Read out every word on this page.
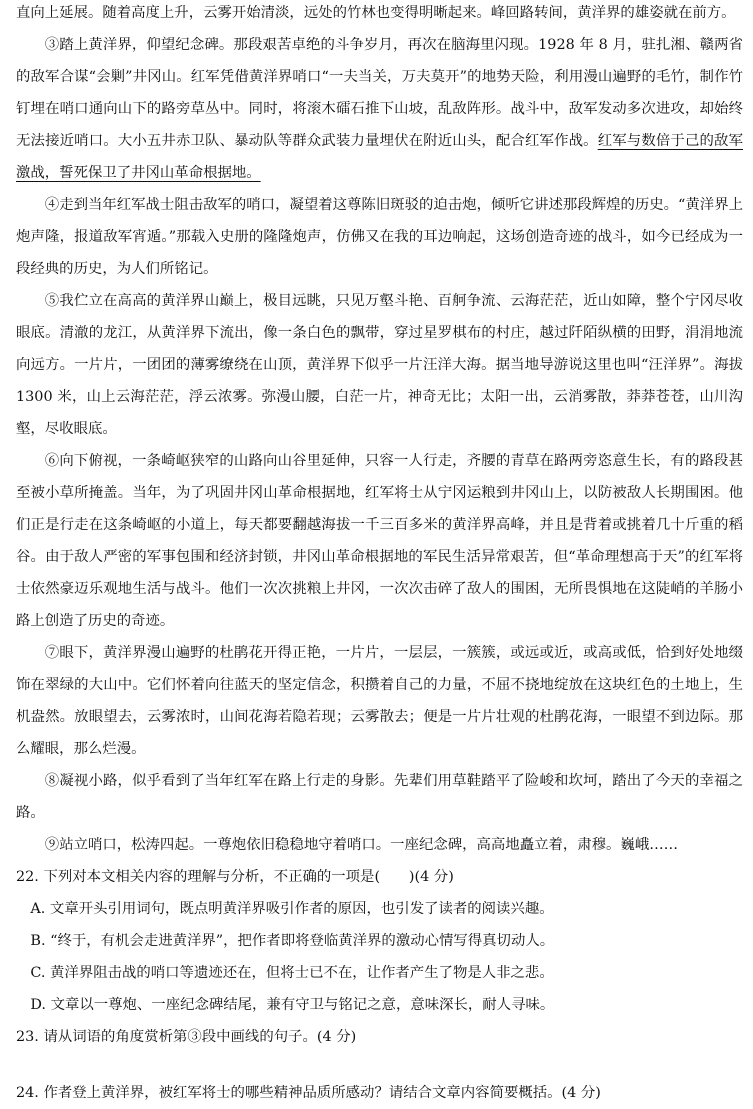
直向上延展。随着高度上升，云雾开始清淡，远处的竹林也变得明晰起来。峰回路转间，黄洋界的雄姿就在前方。

③踏上黄洋界，仰望纪念碑。那段艰苦卓绝的斗争岁月，再次在脑海里闪现。1928 年 8 月，驻扎湘、赣两省的敌军合谋“会剿”井冈山。红军凭借黄洋界哨口“一夫当关，万夫莫开”的地势天险，利用漫山遍野的毛竹，制作竹钉埋在哨口通向山下的路旁草丛中。同时，将滚木礌石推下山坡，乱敌阵形。战斗中，敌军发动多次进攻，却始终无法接近哨口。大小五井赤卫队、暴动队等群众武装力量埋伏在附近山头，配合红军作战。红军与数倍于己的敌军激战，誓死保卫了井冈山革命根据地。

④走到当年红军战士阻击敌军的哨口，凝望着这尊陈旧斑驳的迫击炮，倾听它讲述那段辉煌的历史。“黄洋界上炮声隆，报道敌军宵遁。”那载入史册的隆隆炮声，仿佛又在我的耳边响起，这场创造奇迹的战斗，如今已经成为一段经典的历史，为人们所铭记。

⑤我伫立在高高的黄洋界山巅上，极目远眺，只见万壑斗艳、百舸争流、云海茫茫，近山如障，整个宁冈尽收眼底。清澈的龙江，从黄洋界下流出，像一条白色的飘带，穿过星罗棋布的村庄，越过阡陌纵横的田野，涓涓地流向远方。一片片，一团团的薄雾缭绕在山顶，黄洋界下似乎一片汪洋大海。据当地导游说这里也叫“汪洋界”。海拔 1300 米，山上云海茫茫，浮云浓雾。弥漫山腰，白茫一片，神奇无比；太阳一出，云消雾散，莽莽苍苍，山川沟壑，尽收眼底。

⑥向下俯视，一条崎岖狭窄的山路向山谷里延伸，只容一人行走，齐腰的青草在路两旁恣意生长，有的路段甚至被小草所掩盖。当年，为了巩固井冈山革命根据地，红军将士从宁冈运粮到井冈山上，以防被敌人长期围困。他们正是行走在这条崎岖的小道上，每天都要翻越海拔一千三百多米的黄洋界高峰，并且是背着或挑着几十斤重的稻谷。由于敌人严密的军事包围和经济封锁，井冈山革命根据地的军民生活异常艰苦，但“革命理想高于天”的红军将士依然豪迈乐观地生活与战斗。他们一次次挑粮上井冈，一次次击碎了敌人的围困，无所畏惧地在这陡峭的羊肠小路上创造了历史的奇迹。

⑦眼下，黄洋界漫山遍野的杜鹃花开得正艳，一片片，一层层，一簇簇，或远或近，或高或低，恰到好处地缀饰在翠绿的大山中。它们怀着向往蓝天的坚定信念，积攒着自己的力量，不屈不挠地绽放在这块红色的土地上，生机盎然。放眼望去，云雾浓时，山间花海若隐若现；云雾散去；便是一片片壮观的杜鹃花海，一眼望不到边际。那么耀眼，那么烂漫。

⑧凝视小路，似乎看到了当年红军在路上行走的身影。先辈们用草鞋踏平了险峻和坎坷，踏出了今天的幸福之路。

⑨站立哨口，松涛四起。一尊炮依旧稳稳地守着哨口。一座纪念碑，高高地矗立着，肃穆。巍峨……

22. 下列对本文相关内容的理解与分析，不正确的一项是(　　)(4 分)

A. 文章开头引用词句，既点明黄洋界吸引作者的原因，也引发了读者的阅读兴趣。

B. “终于，有机会走进黄洋界”，把作者即将登临黄洋界的激动心情写得真切动人。

C. 黄洋界阻击战的哨口等遗迹还在，但将士已不在，让作者产生了物是人非之悲。

D. 文章以一尊炮、一座纪念碑结尾，兼有守卫与铭记之意，意味深长，耐人寻味。

23. 请从词语的角度赏析第③段中画线的句子。(4 分)

24. 作者登上黄洋界，被红军将士的哪些精神品质所感动？请结合文章内容简要概括。(4 分)
